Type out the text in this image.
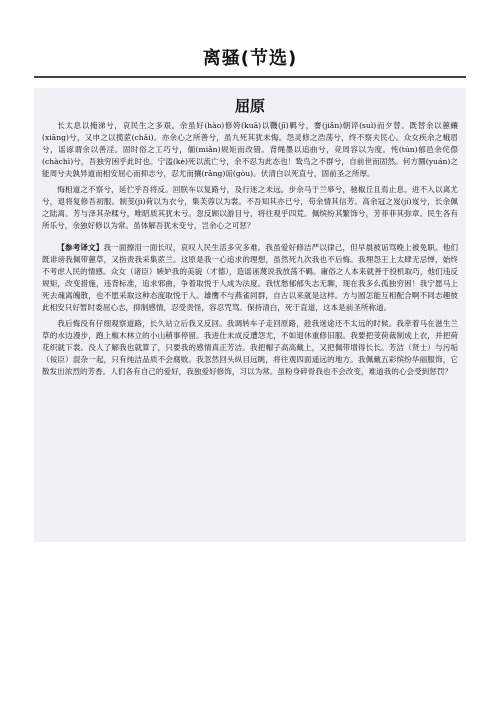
离骚(节选)
屈原

长太息以掩涕兮，哀民生之多艰。余虽好(hào)修姱(kuā)以鞿(jī)羁兮，謇(jiǎn)朝谇(suì)而夕替。既替余以蕙纕(xiāng)兮，又申之以揽茝(chǎi)。亦余心之所善兮，虽九死其犹未悔。怨灵修之浩荡兮，终不察夫民心。众女疾余之蛾眉兮，谣诼谓余以善淫。固时俗之工巧兮，偭(miǎn)规矩而改错。背绳墨以追曲兮，竞周容以为度。忳(tún)郁邑余侘傺(chàchì)兮，吾独穷困乎此时也。宁溘(kè)死以流亡兮，余不忍为此态也！鸷鸟之不群兮，自前世而固然。何方圜(yuán)之能周兮夫孰异道而相安屈心而抑志兮，忍尤而攘(rǎng)诟(gòu)。伏清白以死直兮，固前圣之所厚。

悔相道之不察兮，延伫乎吾将反。回朕车以复路兮，及行迷之未远。步余马于兰皋兮，驰椒丘且焉止息。进不入以离尤兮，退将复修吾初服。制芰(jì)荷以为衣兮，集芙蓉以为裳。不吾知其亦已兮，苟余情其信芳。高余冠之岌(jí)岌兮，长余佩之陆离。芳与泽其杂糅兮，唯昭质其犹未亏。忽反顾以游目兮，将往观乎四荒。佩缤纷其繁饰兮，芳菲菲其弥章。民生各有所乐兮，余独好修以为常。虽体解吾犹未变兮，岂余心之可惩？

【参考译文】我一面擦泪一面长叹，哀叹人民生活多灾多难。我虽爱好修洁严以律己，但早晨被诟骂晚上被免职。他们既诽谤我佩带蕙草，又指责我采集茝兰。这原是我一心追求的理想，虽然死九次我也不后悔。我埋怨王上太肆无忌惮，始终不考虑人民的情感。众女（诸臣）嫉妒我的美貌（才德），造谣诬蔑说我放荡不羁。庸俗之人本来就善于投机取巧，他们违反规矩，改变措施，违背标准，追求邪曲，争着取悦于人成为法度。我忧愁郁郁失志无聊，现在我多么孤独穷困！我宁愿马上死去魂离魄散，也不愿采取这种态度取悦于人。雄鹰不与燕雀同群，自古以来就是这样。方与圆怎能互相配合啊不同志趣彼此相安只好暂时委屈心志，抑制感情，忍受责怪，容忍咒骂。保持清白，死于直道，这本是前圣所称道。

我后悔没有仔细观察道路，长久站立后我又反回。我调转车子走回原路，趁我迷途还不太远的时候。我牵着马在滋生兰草的水边漫步，跑上椒木林立的小山稍事停留。我进仕未成反遭怨尤，不如退休重修旧服。我要把芰荷裁制成上衣，并把荷花织就下裳。没人了解我也就算了，只要我的感情真正芳洁。我把帽子高高戴上，又把佩带增得长长。芳洁（贤士）与污垢（佞臣）混杂一起，只有纯洁品质不会腐败。我忽然回头纵目远眺，将往观四面遥远的地方。我佩戴五彩缤纷华丽服饰，它散发出浓烈的芳香。人们各有自己的爱好，我独爱好修饰，习以为常。虽粉身碎骨我也不会改变，难道我的心会受到惩罚？
